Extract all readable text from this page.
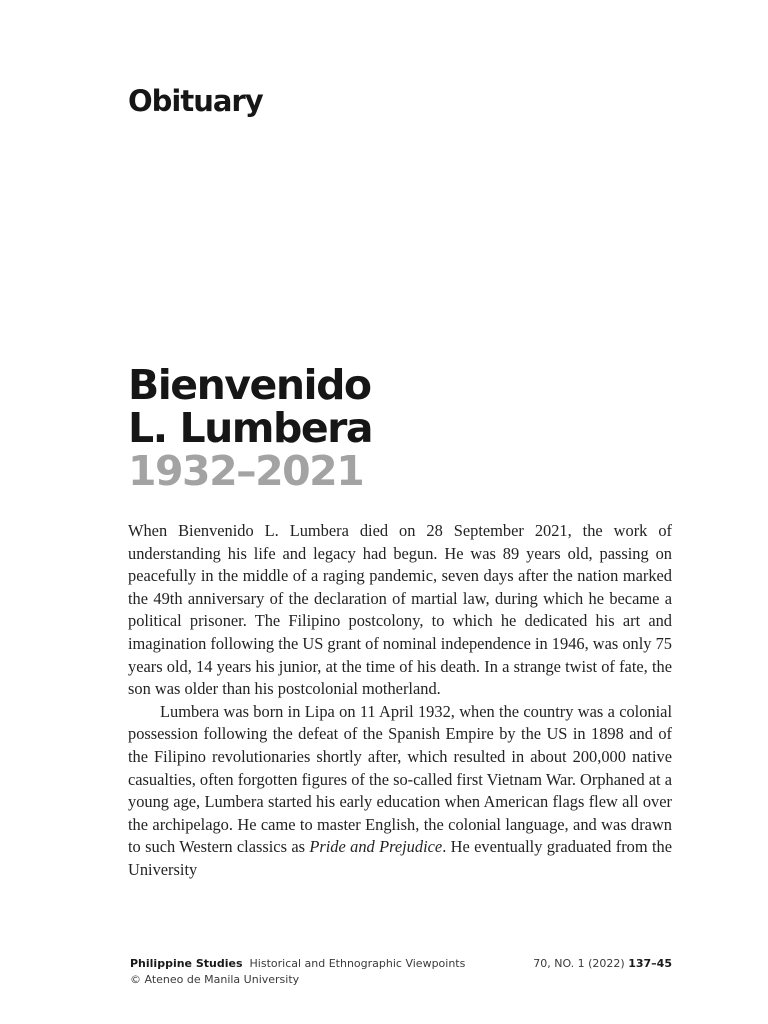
Obituary
Bienvenido
L. Lumbera
1932–2021

When Bienvenido L. Lumbera died on 28 September 2021, the work of understanding his life and legacy had begun. He was 89 years old, passing on peacefully in the middle of a raging pandemic, seven days after the nation marked the 49th anniversary of the declaration of martial law, during which he became a political prisoner. The Filipino postcolony, to which he dedicated his art and imagination following the US grant of nominal independence in 1946, was only 75 years old, 14 years his junior, at the time of his death. In a strange twist of fate, the son was older than his postcolonial motherland.

Lumbera was born in Lipa on 11 April 1932, when the country was a colonial possession following the defeat of the Spanish Empire by the US in 1898 and of the Filipino revolutionaries shortly after, which resulted in about 200,000 native casualties, often forgotten figures of the so-called first Vietnam War. Orphaned at a young age, Lumbera started his early education when American flags flew all over the archipelago. He came to master English, the colonial language, and was drawn to such Western classics as Pride and Prejudice. He eventually graduated from the University

Philippine Studies Historical and Ethnographic Viewpoints	70, NO. 1 (2022) 137–45
© Ateneo de Manila University
